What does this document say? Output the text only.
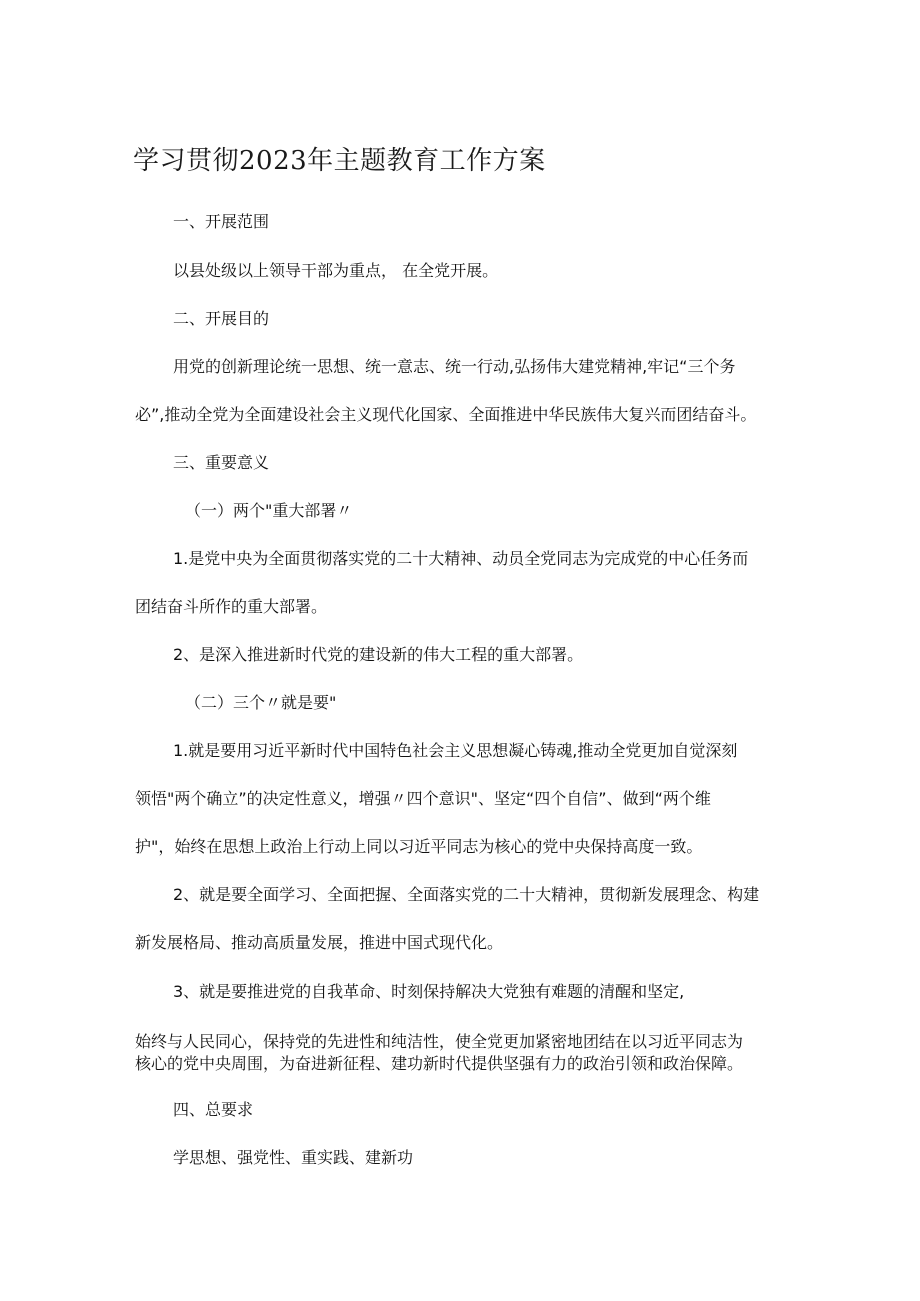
学习贯彻2023年主题教育工作方案
一、开展范围
以县处级以上领导干部为重点， 在全党开展。
二、开展目的
用党的创新理论统一思想、统一意志、统一行动,弘扬伟大建党精神,牢记“三个务
必”,推动全党为全面建设社会主义现代化国家、全面推进中华民族伟大复兴而团结奋斗。
三、重要意义
（一）两个"重大部署〃
1.是党中央为全面贯彻落实党的二十大精神、动员全党同志为完成党的中心任务而
团结奋斗所作的重大部署。
2、是深入推进新时代党的建设新的伟大工程的重大部署。
（二）三个〃就是要"
1.就是要用习近平新时代中国特色社会主义思想凝心铸魂,推动全党更加自觉深刻
领悟"两个确立”的决定性意义，增强〃四个意识"、坚定“四个自信”、做到“两个维
护"，始终在思想上政治上行动上同以习近平同志为核心的党中央保持高度一致。
2、就是要全面学习、全面把握、全面落实党的二十大精神，贯彻新发展理念、构建
新发展格局、推动高质量发展，推进中国式现代化。
3、就是要推进党的自我革命、时刻保持解决大党独有难题的清醒和坚定,
始终与人民同心，保持党的先进性和纯洁性，使全党更加紧密地团结在以习近平同志为
核心的党中央周围，为奋进新征程、建功新时代提供坚强有力的政治引领和政治保障。
四、总要求
学思想、强党性、重实践、建新功
